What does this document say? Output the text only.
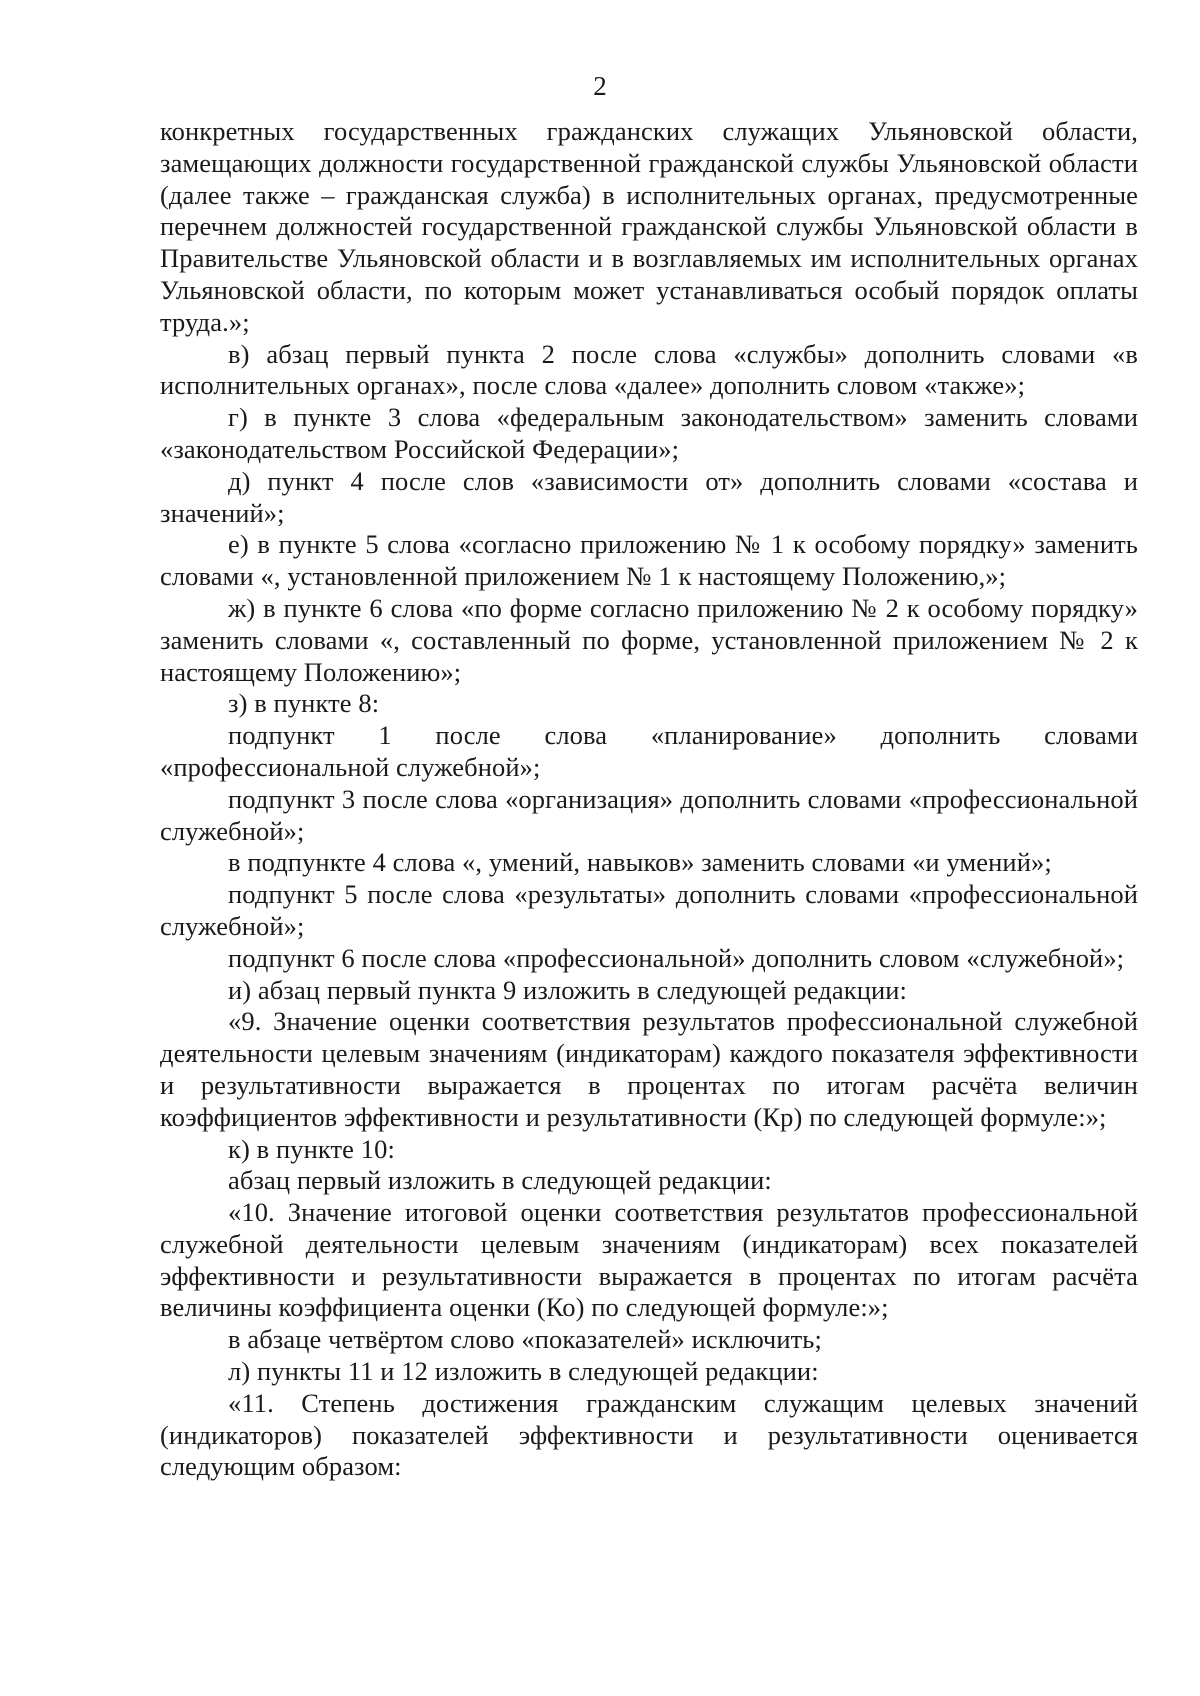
2

конкретных государственных гражданских служащих Ульяновской области, замещающих должности государственной гражданской службы Ульяновской области (далее также – гражданская служба) в исполнительных органах, предусмотренные перечнем должностей государственной гражданской службы Ульяновской области в Правительстве Ульяновской области и в возглавляемых им исполнительных органах Ульяновской области, по которым может устанавливаться особый порядок оплаты труда.»;

в) абзац первый пункта 2 после слова «службы» дополнить словами «в исполнительных органах», после слова «далее» дополнить словом «также»;

г) в пункте 3 слова «федеральным законодательством» заменить словами «законодательством Российской Федерации»;

д) пункт 4 после слов «зависимости от» дополнить словами «состава и значений»;

е) в пункте 5 слова «согласно приложению № 1 к особому порядку» заменить словами «, установленной приложением № 1 к настоящему Положению,»;

ж) в пункте 6 слова «по форме согласно приложению № 2 к особому порядку» заменить словами «, составленный по форме, установленной приложением № 2 к настоящему Положению»;

з) в пункте 8:

подпункт 1 после слова «планирование» дополнить словами «профессиональной служебной»;

подпункт 3 после слова «организация» дополнить словами «профессиональной служебной»;

в подпункте 4 слова «, умений, навыков» заменить словами «и умений»;

подпункт 5 после слова «результаты» дополнить словами «профессиональной служебной»;

подпункт 6 после слова «профессиональной» дополнить словом «служебной»;

и) абзац первый пункта 9 изложить в следующей редакции:

«9. Значение оценки соответствия результатов профессиональной служебной деятельности целевым значениям (индикаторам) каждого показателя эффективности и результативности выражается в процентах по итогам расчёта величин коэффициентов эффективности и результативности (Кр) по следующей формуле:»;

к) в пункте 10:

абзац первый изложить в следующей редакции:

«10. Значение итоговой оценки соответствия результатов профессиональной служебной деятельности целевым значениям (индикаторам) всех показателей эффективности и результативности выражается в процентах по итогам расчёта величины коэффициента оценки (Ко) по следующей формуле:»;

в абзаце четвёртом слово «показателей» исключить;

л) пункты 11 и 12 изложить в следующей редакции:

«11. Степень достижения гражданским служащим целевых значений (индикаторов) показателей эффективности и результативности оценивается следующим образом:
